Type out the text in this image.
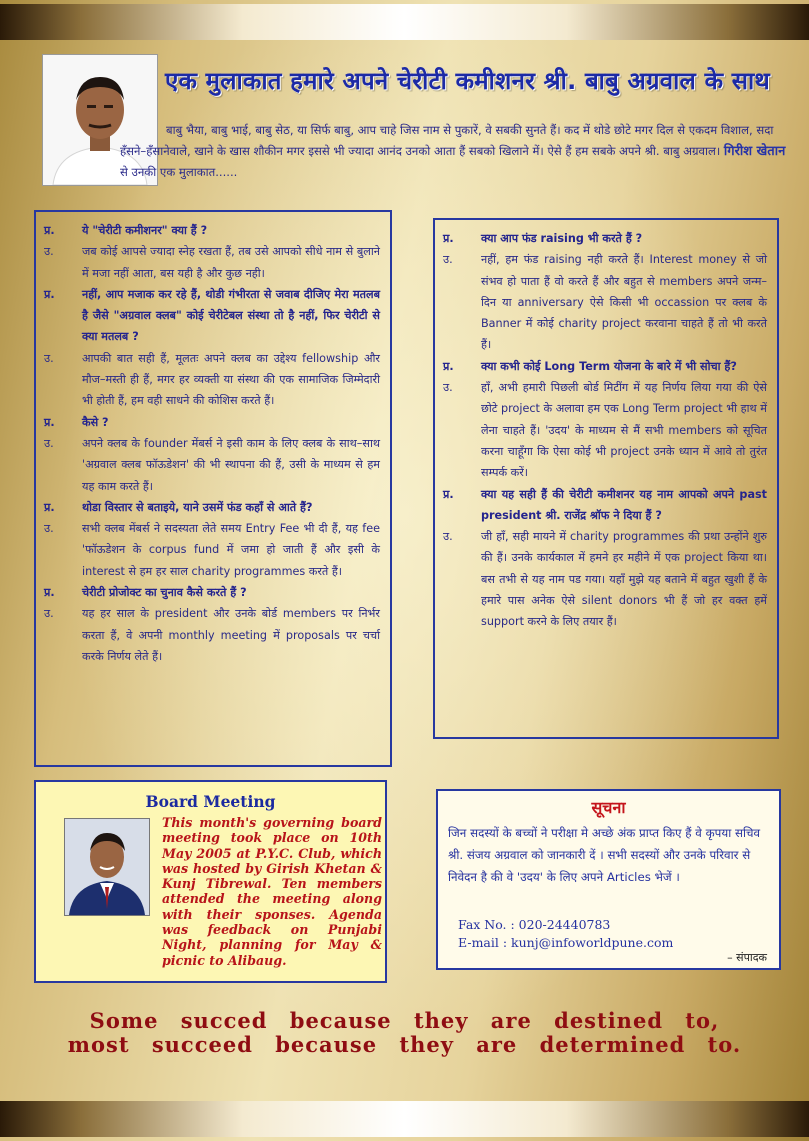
एक मुलाकात हमारे अपने चेरीटी कमीशनर श्री. बाबु अग्रवाल के साथ
बाबु भैया, बाबु भाई, बाबु सेठ, या सिर्फ बाबु, आप चाहे जिस नाम से पुकारें, वे सबकी सुनते हैं। कद में थोडे छोटे मगर दिल से एकदम विशाल, सदा हँसने–हँसानेवाले, खाने के खास शौकीन मगर इससे भी ज्यादा आनंद उनको आता हैं सबको खिलाने में। ऐसे हैं हम सबके अपने श्री. बाबु अग्रवाल। गिरीश खेतान से उनकी एक मुलाकात......
प्र.	ये "चेरीटी कमीशनर" क्या हैं ?
उ.	जब कोई आपसे ज्यादा स्नेह रखता हैं, तब उसे आपको सीधे नाम से बुलाने में मजा नहीं आता, बस यही है और कुछ नही।
प्र.	नहीं, आप मजाक कर रहे हैं, थोडी गंभीरता से जवाब दीजिए मेरा मतलब है जैसे "अग्रवाल क्लब" कोई चेरीटेबल संस्था तो है नहीं, फिर चेरीटी से क्या मतलब ?
उ.	आपकी बात सही हैं, मूलतः अपने क्लब का उद्देश्य fellowship और मौज–मस्ती ही हैं, मगर हर व्यक्ती या संस्था की एक सामाजिक जिम्मेदारी भी होती हैं, हम वही साधने की कोशिस करते हैं।
प्र.	कैसे ?
उ.	अपने क्लब के founder मेंबर्स ने इसी काम के लिए क्लब के साथ–साथ 'अग्रवाल क्लब फॉऊडेशन' की भी स्थापना की हैं, उसी के माध्यम से हम यह काम करते हैं।
प्र.	थोडा विस्तार से बताइये, याने उसमें फंड कहाँ से आते हैं?
उ.	सभी क्लब मेंबर्स ने सदस्यता लेते समय Entry Fee भी दी हैं, यह fee 'फॉऊडेशन के corpus fund में जमा हो जाती हैं और इसी के interest से हम हर साल charity programmes करते हैं।
प्र.	चेरीटी प्रोजोक्ट का चुनाव कैसे करते हैं ?
उ.	यह हर साल के president और उनके बोर्ड members पर निर्भर करता हैं, वे अपनी monthly meeting में proposals पर चर्चा करके निर्णय लेते हैं।
प्र.	क्या आप फंड raising भी करते हैं ?
उ.	नहीं, हम फंड raising नही करते हैं। Interest money से जो संभव हो पाता हैं वो करते हैं और बहुत से members अपने जन्म–दिन या anniversary ऐसे किसी भी occassion पर क्लब के Banner में कोई charity project करवाना चाहते हैं तो भी करते हैं।
प्र.	क्या कभी कोई Long Term योजना के बारे में भी सोचा हैं?
उ.	हाँ, अभी हमारी पिछली बोर्ड मिटींग में यह निर्णय लिया गया की ऐसे छोटे project के अलावा हम एक Long Term project भी हाथ में लेना चाहते हैं। 'उदय' के माध्यम से मैं सभी members को सूचित करना चाहूँगा कि ऐसा कोई भी project उनके ध्यान में आवे तो तुरंत सम्पर्क करें।
प्र.	क्या यह सही हैं की चेरीटी कमीशनर यह नाम आपको अपने past president श्री. राजेंद्र श्रॉफ ने दिया हैं ?
उ.	जी हाँ, सही मायने में charity programmes की प्रथा उन्होंने शुरु की हैं। उनके कार्यकाल में हमने हर महीने में एक project किया था। बस तभी से यह नाम पड गया। यहाँ मुझे यह बताने में बहुत खुशी हैं के हमारे पास अनेक ऐसे silent donors भी हैं जो हर वक्त हमें support करने के लिए तयार हैं।
Board Meeting
This month's governing board meeting took place on 10th May 2005 at P.Y.C. Club, which was hosted by Girish Khetan & Kunj Tibrewal. Ten members attended the meeting along with their sponses. Agenda was feedback on Punjabi Night, planning for May & picnic to Alibaug.
सूचना
जिन सदस्यों के बच्चों ने परीक्षा मे अच्छे अंक प्राप्त किए हैं वे कृपया सचिव श्री. संजय अग्रवाल को जानकारी दें । सभी सदस्यों और उनके परिवार से निवेदन है की वे 'उदय' के लिए अपने Articles भेजें ।
Fax No. : 020-24440783
E-mail : kunj@infoworldpune.com
– संपादक
Some succed because they are destined to,
most succeed because they are determined to.
